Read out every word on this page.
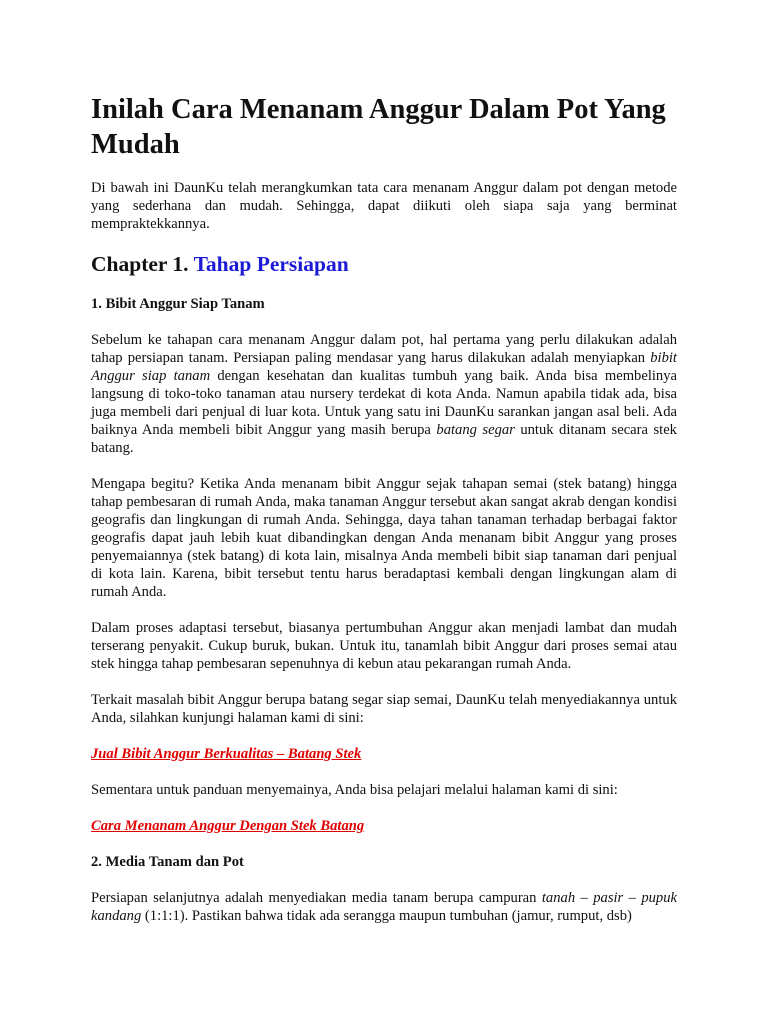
Inilah Cara Menanam Anggur Dalam Pot Yang Mudah

Di bawah ini DaunKu telah merangkumkan tata cara menanam Anggur dalam pot dengan metode yang sederhana dan mudah. Sehingga, dapat diikuti oleh siapa saja yang berminat mempraktekkannya.

Chapter 1. Tahap Persiapan
1. Bibit Anggur Siap Tanam

Sebelum ke tahapan cara menanam Anggur dalam pot, hal pertama yang perlu dilakukan adalah tahap persiapan tanam. Persiapan paling mendasar yang harus dilakukan adalah menyiapkan bibit Anggur siap tanam dengan kesehatan dan kualitas tumbuh yang baik. Anda bisa membelinya langsung di toko-toko tanaman atau nursery terdekat di kota Anda. Namun apabila tidak ada, bisa juga membeli dari penjual di luar kota. Untuk yang satu ini DaunKu sarankan jangan asal beli. Ada baiknya Anda membeli bibit Anggur yang masih berupa batang segar untuk ditanam secara stek batang.

Mengapa begitu? Ketika Anda menanam bibit Anggur sejak tahapan semai (stek batang) hingga tahap pembesaran di rumah Anda, maka tanaman Anggur tersebut akan sangat akrab dengan kondisi geografis dan lingkungan di rumah Anda. Sehingga, daya tahan tanaman terhadap berbagai faktor geografis dapat jauh lebih kuat dibandingkan dengan Anda menanam bibit Anggur yang proses penyemaiannya (stek batang) di kota lain, misalnya Anda membeli bibit siap tanaman dari penjual di kota lain. Karena, bibit tersebut tentu harus beradaptasi kembali dengan lingkungan alam di rumah Anda.

Dalam proses adaptasi tersebut, biasanya pertumbuhan Anggur akan menjadi lambat dan mudah terserang penyakit. Cukup buruk, bukan. Untuk itu, tanamlah bibit Anggur dari proses semai atau stek hingga tahap pembesaran sepenuhnya di kebun atau pekarangan rumah Anda.

Terkait masalah bibit Anggur berupa batang segar siap semai, DaunKu telah menyediakannya untuk Anda, silahkan kunjungi halaman kami di sini:

Jual Bibit Anggur Berkualitas – Batang Stek

Sementara untuk panduan menyemainya, Anda bisa pelajari melalui halaman kami di sini:

Cara Menanam Anggur Dengan Stek Batang

2. Media Tanam dan Pot

Persiapan selanjutnya adalah menyediakan media tanam berupa campuran tanah – pasir – pupuk kandang (1:1:1). Pastikan bahwa tidak ada serangga maupun tumbuhan (jamur, rumput, dsb)
